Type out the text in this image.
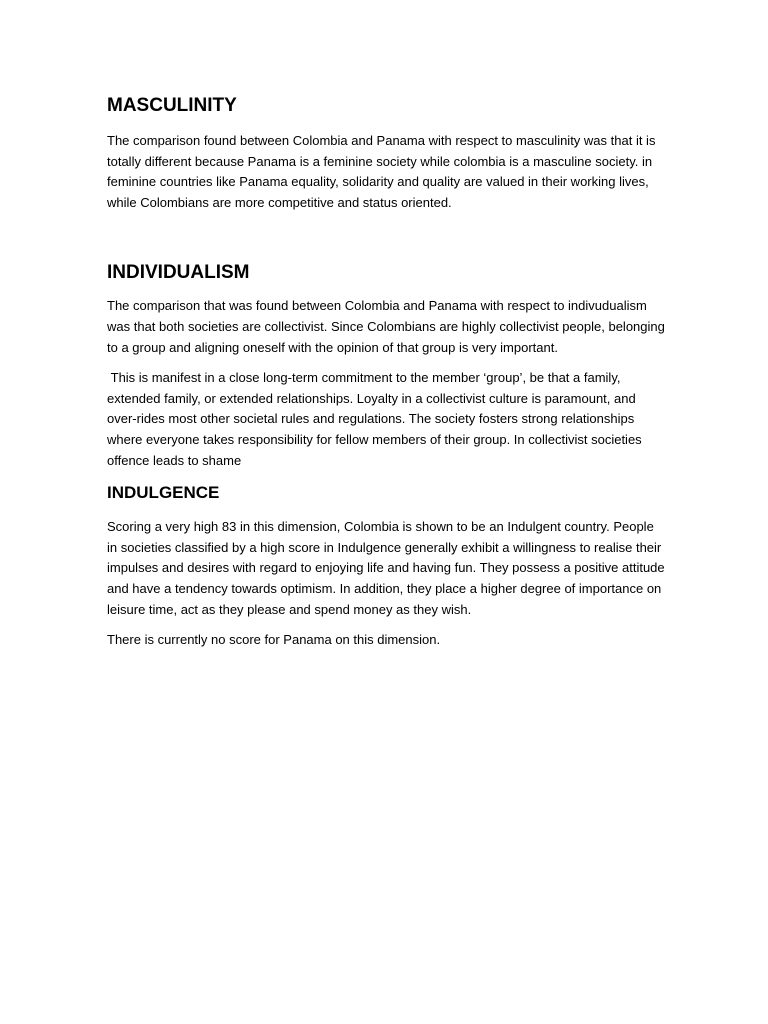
MASCULINITY

The comparison found between Colombia and Panama with respect to masculinity was that it is totally different because Panama is a feminine society while colombia is a masculine society. in feminine countries like Panama equality, solidarity and quality are valued in their working lives, while Colombians are more competitive and status oriented.

INDIVIDUALISM

The comparison that was found between Colombia and Panama with respect to indivudualism was that both societies are collectivist. Since Colombians are highly collectivist people, belonging to a group and aligning oneself with the opinion of that group is very important.

This is manifest in a close long-term commitment to the member ‘group’, be that a family, extended family, or extended relationships. Loyalty in a collectivist culture is paramount, and over-rides most other societal rules and regulations. The society fosters strong relationships where everyone takes responsibility for fellow members of their group. In collectivist societies offence leads to shame

INDULGENCE

Scoring a very high 83 in this dimension, Colombia is shown to be an Indulgent country. People in societies classified by a high score in Indulgence generally exhibit a willingness to realise their impulses and desires with regard to enjoying life and having fun. They possess a positive attitude and have a tendency towards optimism. In addition, they place a higher degree of importance on leisure time, act as they please and spend money as they wish.

There is currently no score for Panama on this dimension.
